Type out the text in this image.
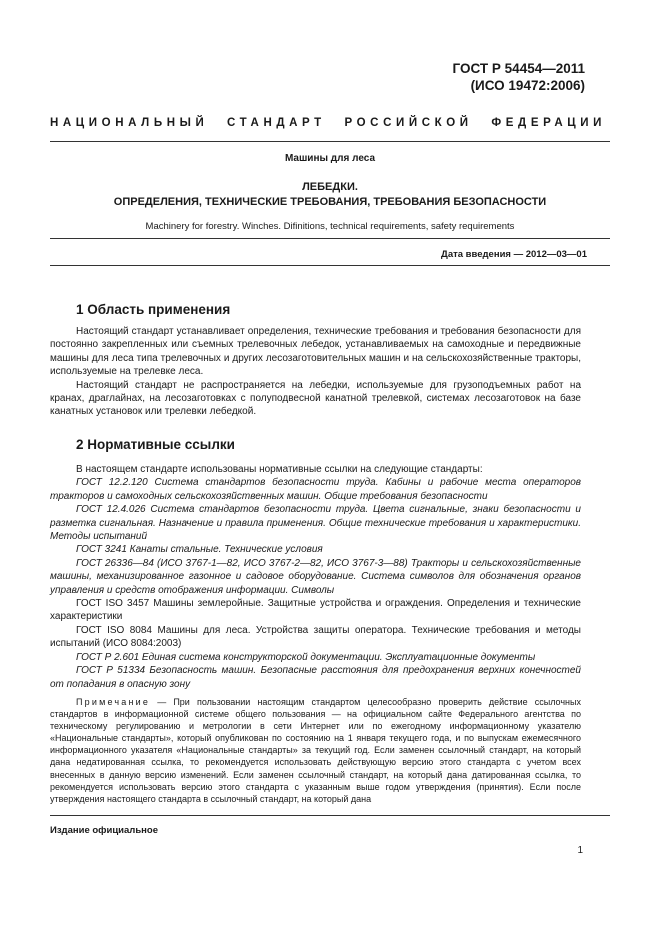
ГОСТ Р 54454—2011
(ИСО 19472:2006)
НАЦИОНАЛЬНЫЙ СТАНДАРТ РОССИЙСКОЙ ФЕДЕРАЦИИ
Машины для леса
ЛЕБЕДКИ.
ОПРЕДЕЛЕНИЯ, ТЕХНИЧЕСКИЕ ТРЕБОВАНИЯ, ТРЕБОВАНИЯ БЕЗОПАСНОСТИ
Machinery for forestry. Winches. Difinitions, technical requirements, safety requirements
Дата введения — 2012—03—01
1 Область применения

Настоящий стандарт устанавливает определения, технические требования и требования безопасности для постоянно закрепленных или съемных трелевочных лебедок, устанавливаемых на самоходные и передвижные машины для леса типа трелевочных и других лесозаготовительных машин и на сельскохозяйственные тракторы, используемые на трелевке леса.

Настоящий стандарт не распространяется на лебедки, используемые для грузоподъемных работ на кранах, драглайнах, на лесозаготовках с полуподвесной канатной трелевкой, системах лесозаготовок на базе канатных установок или трелевки лебедкой.

2 Нормативные ссылки

В настоящем стандарте использованы нормативные ссылки на следующие стандарты:

ГОСТ 12.2.120 Система стандартов безопасности труда. Кабины и рабочие места операторов тракторов и самоходных сельскохозяйственных машин. Общие требования безопасности

ГОСТ 12.4.026 Система стандартов безопасности труда. Цвета сигнальные, знаки безопасности и разметка сигнальная. Назначение и правила применения. Общие технические требования и характеристики. Методы испытаний

ГОСТ 3241 Канаты стальные. Технические условия

ГОСТ 26336—84 (ИСО 3767-1—82, ИСО 3767-2—82, ИСО 3767-3—88) Тракторы и сельскохозяйственные машины, механизированное газонное и садовое оборудование. Система символов для обозначения органов управления и средств отображения информации. Символы

ГОСТ ISO 3457 Машины землеройные. Защитные устройства и ограждения. Определения и технические характеристики

ГОСТ ISO 8084 Машины для леса. Устройства защиты оператора. Технические требования и методы испытаний (ИСО 8084:2003)

ГОСТ Р 2.601 Единая система конструкторской документации. Эксплуатационные документы

ГОСТ Р 51334 Безопасность машин. Безопасные расстояния для предохранения верхних конечностей от попадания в опасную зону

Примечание — При пользовании настоящим стандартом целесообразно проверить действие ссылочных стандартов в информационной системе общего пользования — на официальном сайте Федерального агентства по техническому регулированию и метрологии в сети Интернет или по ежегодному информационному указателю «Национальные стандарты», который опубликован по состоянию на 1 января текущего года, и по выпускам ежемесячного информационного указателя «Национальные стандарты» за текущий год. Если заменен ссылочный стандарт, на который дана недатированная ссылка, то рекомендуется использовать действующую версию этого стандарта с учетом всех внесенных в данную версию изменений. Если заменен ссылочный стандарт, на который дана датированная ссылка, то рекомендуется использовать версию этого стандарта с указанным выше годом утверждения (принятия). Если после утверждения настоящего стандарта в ссылочный стандарт, на который дана
Издание официальное
1
